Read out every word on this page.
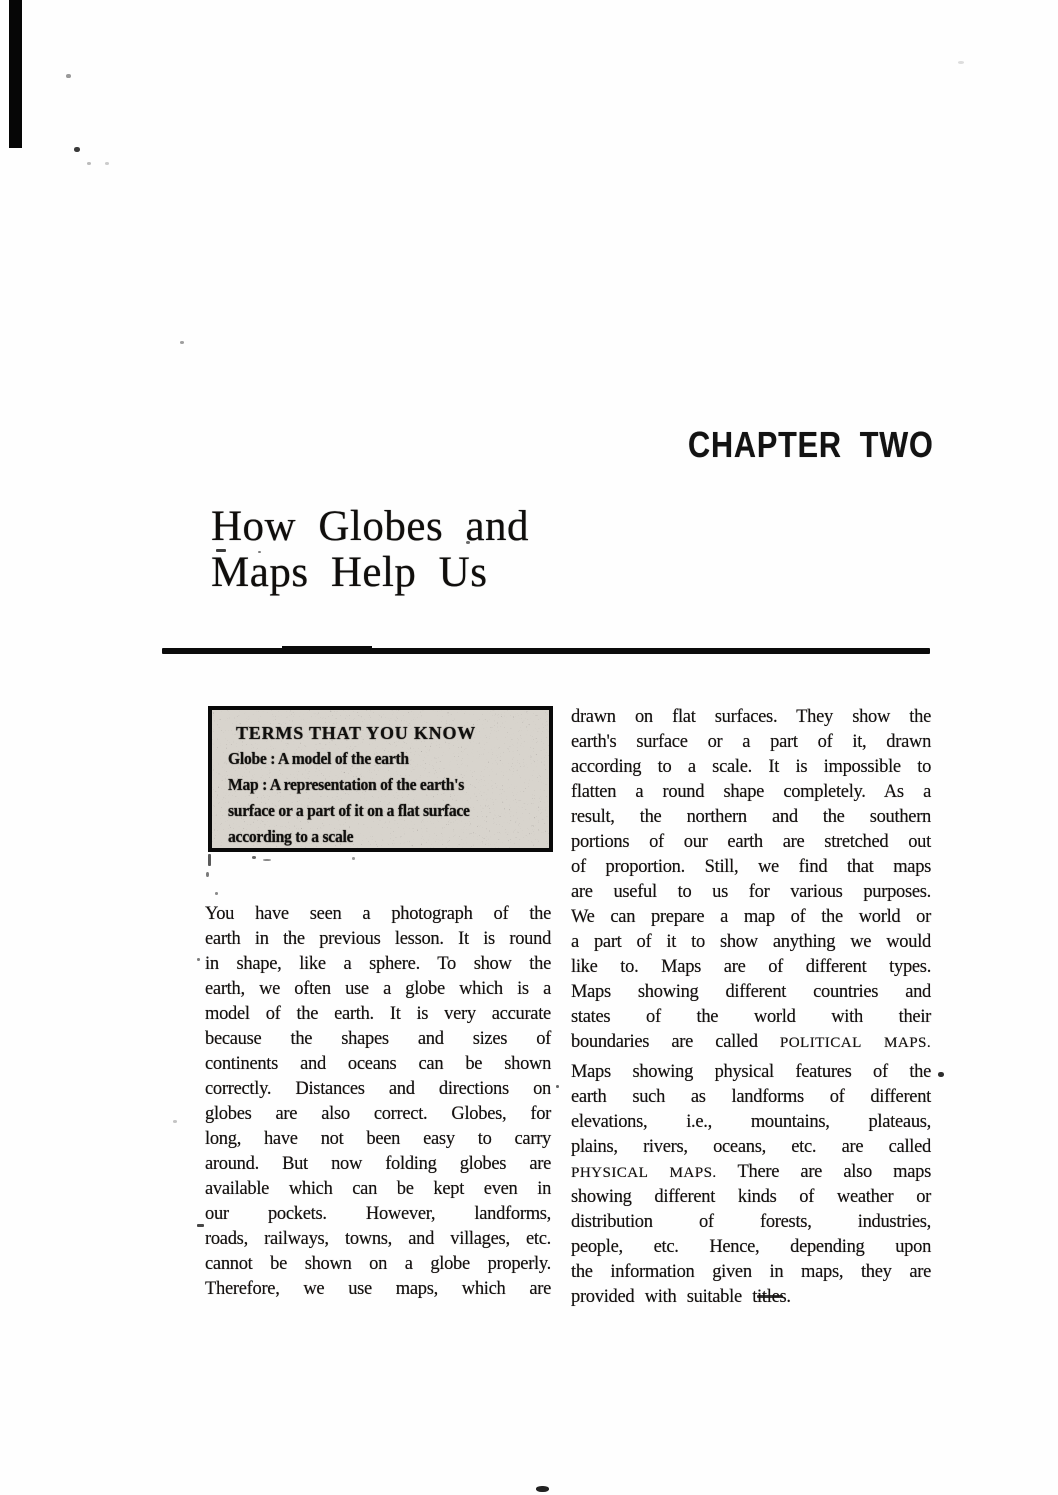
CHAPTER TWO
How Globes and
Maps Help Us
TERMS THAT YOU KNOW
Globe : A model of the earth
Map : A representation of the earth's
surface or a part of it on a flat surface
according to a scale
You have seen a photograph of the
earth in the previous lesson. It is round
in shape, like a sphere. To show the
earth, we often use a globe which is a
model of the earth. It is very accurate
because the shapes and sizes of
continents and oceans can be shown
correctly. Distances and directions on
globes are also correct. Globes, for
long, have not been easy to carry
around. But now folding globes are
available which can be kept even in
our pockets. However, landforms,
roads, railways, towns, and villages, etc.
cannot be shown on a globe properly.
Therefore, we use maps, which are
drawn on flat surfaces. They show the
earth's surface or a part of it, drawn
according to a scale. It is impossible to
flatten a round shape completely. As a
result, the northern and the southern
portions of our earth are stretched out
of proportion. Still, we find that maps
are useful to us for various purposes.
We can prepare a map of the world or
a part of it to show anything we would
like to. Maps are of different types.
Maps showing different countries and
states of the world with their
boundaries are called POLITICAL MAPS.
Maps showing physical features of the
earth such as landforms of different
elevations, i.e., mountains, plateaus,
plains, rivers, oceans, etc. are called
PHYSICAL MAPS. There are also maps
showing different kinds of weather or
distribution of forests, industries,
people, etc. Hence, depending upon
the information given in maps, they are
provided with suitable titles.
